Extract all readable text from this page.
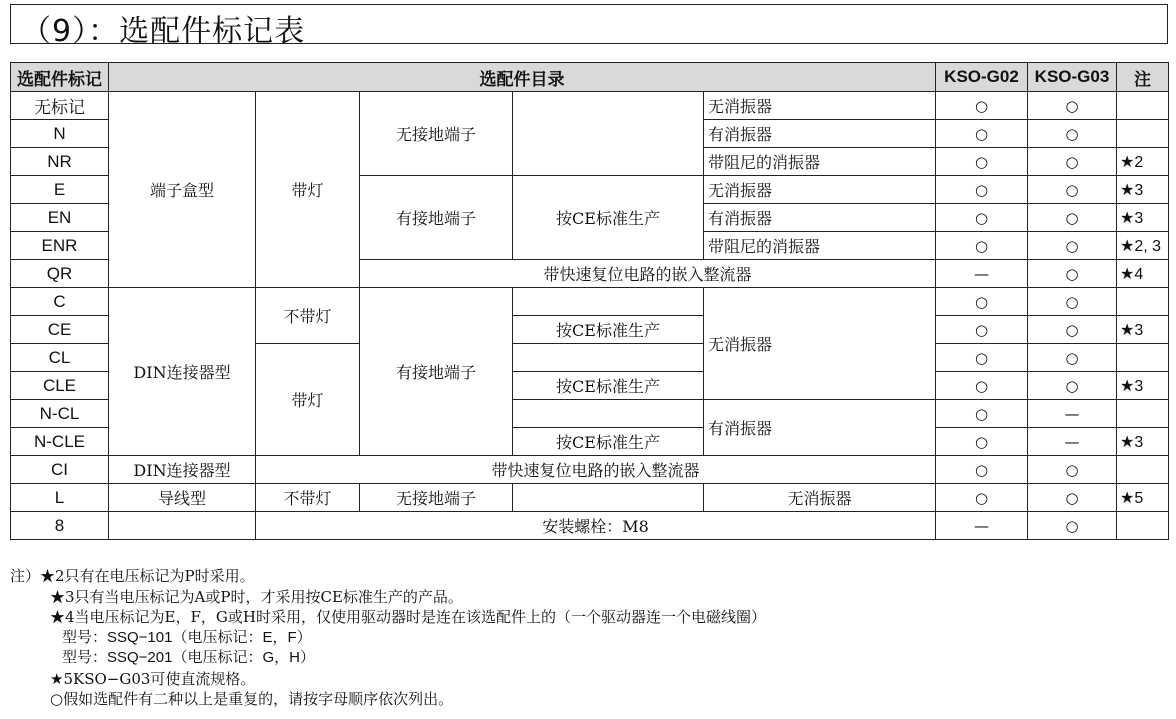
（9）：选配件标记表
选配件标记	选配件目录					KSO-G02	KSO-G03	注
无标记	端子盒型	带灯	无接地端子		无消振器	○	○	
N					有消振器	○	○	
NR					带阻尼的消振器	○	○	★2
E			有接地端子	按CE标准生产	无消振器	○	○	★3
EN					有消振器	○	○	★3
ENR					带阻尼的消振器	○	○	★2, 3
QR			带快速复位电路的嵌入整流器			—	○	★4
C	DIN连接器型	不带灯	有接地端子		无消振器	○	○	
CE				按CE标准生产		○	○	★3
CL		带灯				○	○	
CLE				按CE标准生产		○	○	★3
N-CL					有消振器	○	—	
N-CLE				按CE标准生产		○	—	★3
CI	DIN连接器型	带快速复位电路的嵌入整流器				○	○	
L	导线型	不带灯	无接地端子		无消振器	○	○	★5
8		安装螺栓：M8				—	○	
注）★2只有在电压标记为P时采用。
★3只有当电压标记为A或P时，才采用按CE标准生产的产品。
★4当电压标记为E，F，G或H时采用，仅使用驱动器时是连在该选配件上的（一个驱动器连一个电磁线圈）
型号：SSQ−101（电压标记：E，F）
型号：SSQ−201（电压标记：G，H）
★5KSO−G03可使直流规格。
○假如选配件有二种以上是重复的，请按字母顺序依次列出。
